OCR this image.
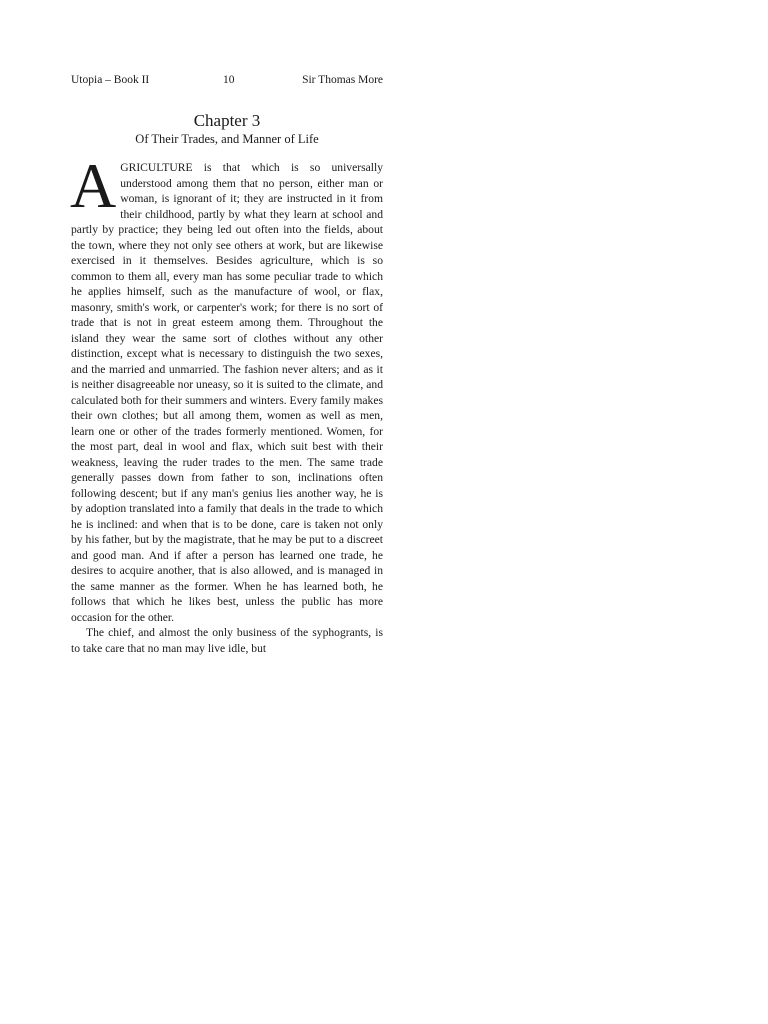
Utopia – Book II	10	Sir Thomas More
Chapter 3
Of Their Trades, and Manner of Life

AGRICULTURE is that which is so universally understood among them that no person, either man or woman, is ignorant of it; they are instructed in it from their childhood, partly by what they learn at school and partly by practice; they being led out often into the fields, about the town, where they not only see others at work, but are likewise exercised in it themselves. Besides agriculture, which is so common to them all, every man has some peculiar trade to which he applies himself, such as the manufacture of wool, or flax, masonry, smith's work, or carpenter's work; for there is no sort of trade that is not in great esteem among them. Throughout the island they wear the same sort of clothes without any other distinction, except what is necessary to distinguish the two sexes, and the married and unmarried. The fashion never alters; and as it is neither disagreeable nor uneasy, so it is suited to the climate, and calculated both for their summers and winters. Every family makes their own clothes; but all among them, women as well as men, learn one or other of the trades formerly mentioned. Women, for the most part, deal in wool and flax, which suit best with their weakness, leaving the ruder trades to the men. The same trade generally passes down from father to son, inclinations often following descent; but if any man's genius lies another way, he is by adoption translated into a family that deals in the trade to which he is inclined: and when that is to be done, care is taken not only by his father, but by the magistrate, that he may be put to a discreet and good man. And if after a person has learned one trade, he desires to acquire another, that is also allowed, and is managed in the same manner as the former. When he has learned both, he follows that which he likes best, unless the public has more occasion for the other.

The chief, and almost the only business of the syphogrants, is to take care that no man may live idle, but
